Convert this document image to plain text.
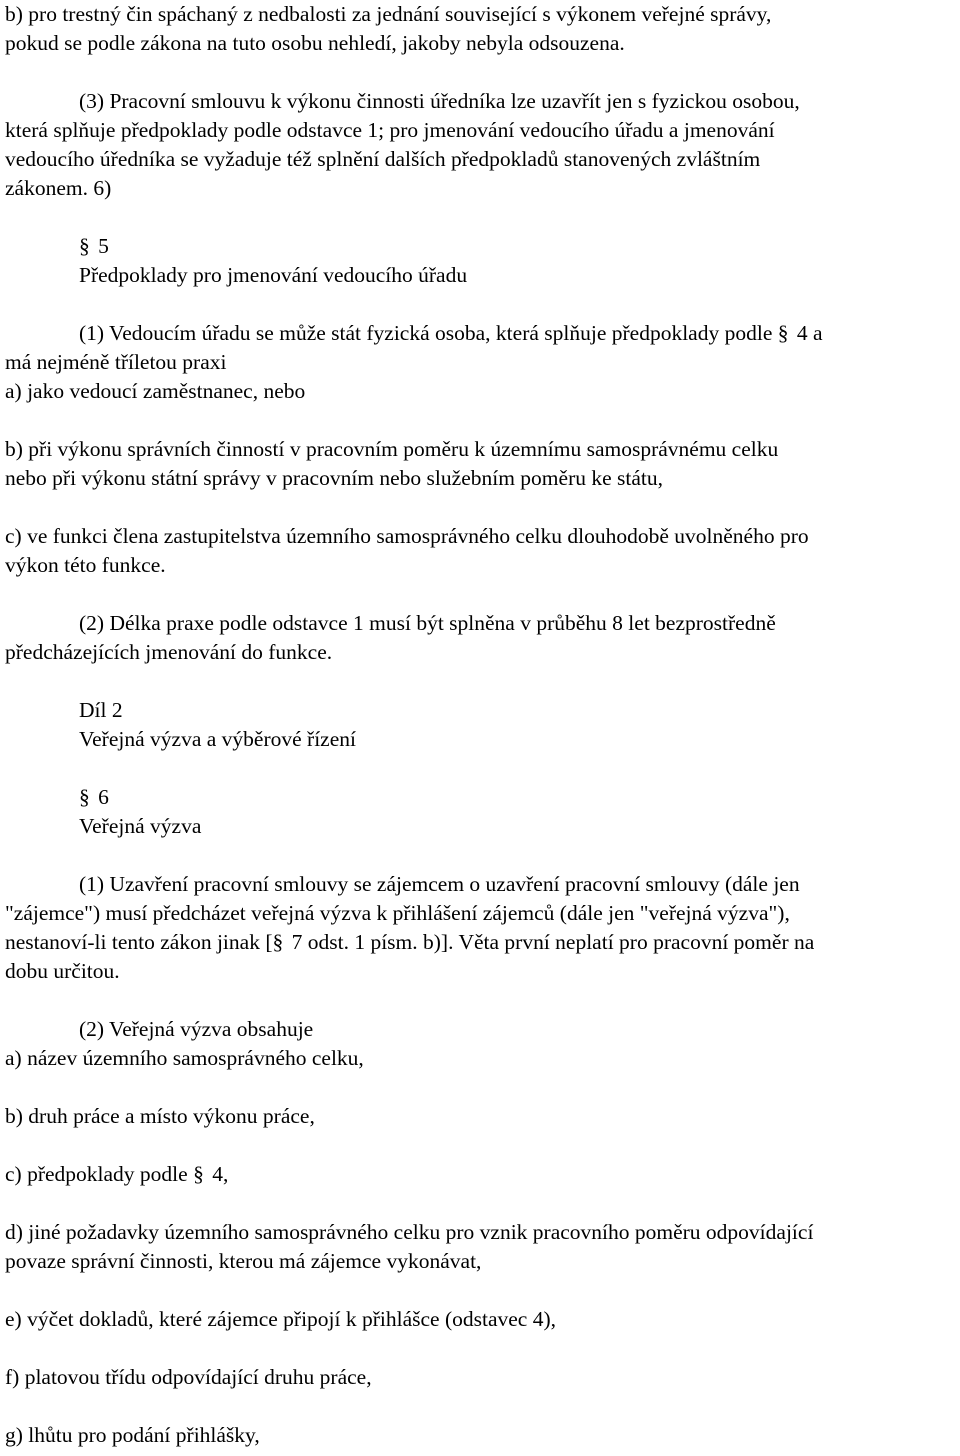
b) pro trestný čin spáchaný z nedbalosti za jednání související s výkonem veřejné správy,
pokud se podle zákona na tuto osobu nehledí, jakoby nebyla odsouzena.
(3) Pracovní smlouvu k výkonu činnosti úředníka lze uzavřít jen s fyzickou osobou,
která splňuje předpoklady podle odstavce 1; pro jmenování vedoucího úřadu a jmenování
vedoucího úředníka se vyžaduje též splnění dalších předpokladů stanovených zvláštním
zákonem. 6)
§ 5
Předpoklady pro jmenování vedoucího úřadu
(1) Vedoucím úřadu se může stát fyzická osoba, která splňuje předpoklady podle § 4 a
má nejméně tříletou praxi
a) jako vedoucí zaměstnanec, nebo
b) při výkonu správních činností v pracovním poměru k územnímu samosprávnému celku
nebo při výkonu státní správy v pracovním nebo služebním poměru ke státu,
c) ve funkci člena zastupitelstva územního samosprávného celku dlouhodobě uvolněného pro
výkon této funkce.
(2) Délka praxe podle odstavce 1 musí být splněna v průběhu 8 let bezprostředně
předcházejících jmenování do funkce.
Díl 2
Veřejná výzva a výběrové řízení
§ 6
Veřejná výzva
(1) Uzavření pracovní smlouvy se zájemcem o uzavření pracovní smlouvy (dále jen
"zájemce") musí předcházet veřejná výzva k přihlášení zájemců (dále jen "veřejná výzva"),
nestanoví-li tento zákon jinak [§ 7 odst. 1 písm. b)]. Věta první neplatí pro pracovní poměr na
dobu určitou.
(2) Veřejná výzva obsahuje
a) název územního samosprávného celku,
b) druh práce a místo výkonu práce,
c) předpoklady podle § 4,
d) jiné požadavky územního samosprávného celku pro vznik pracovního poměru odpovídající
povaze správní činnosti, kterou má zájemce vykonávat,
e) výčet dokladů, které zájemce připojí k přihlášce (odstavec 4),
f) platovou třídu odpovídající druhu práce,
g) lhůtu pro podání přihlášky,
